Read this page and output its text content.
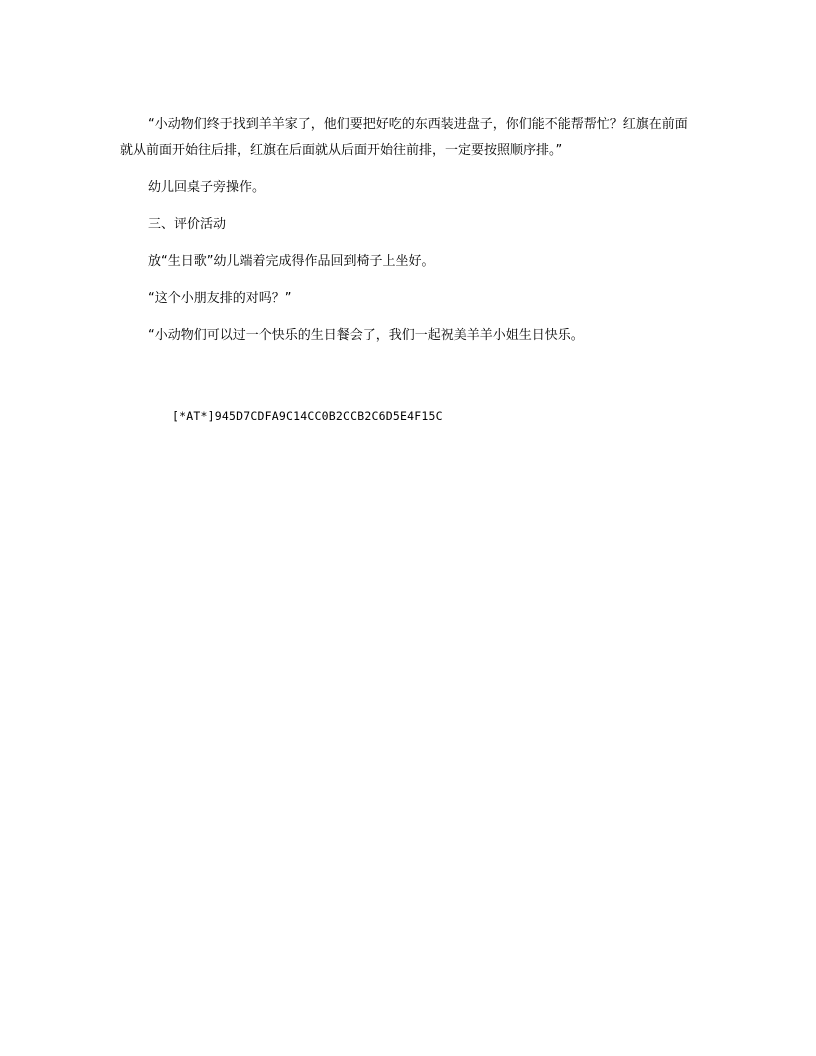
“小动物们终于找到羊羊家了，他们要把好吃的东西装进盘子，你们能不能帮帮忙？红旗在前面就从前面开始往后排，红旗在后面就从后面开始往前排，一定要按照顺序排。”

幼儿回桌子旁操作。

三、评价活动

放“生日歌”幼儿端着完成得作品回到椅子上坐好。

“这个小朋友排的对吗？”

“小动物们可以过一个快乐的生日餐会了，我们一起祝美羊羊小姐生日快乐。

[*AT*]945D7CDFA9C14CC0B2CCB2C6D5E4F15C
